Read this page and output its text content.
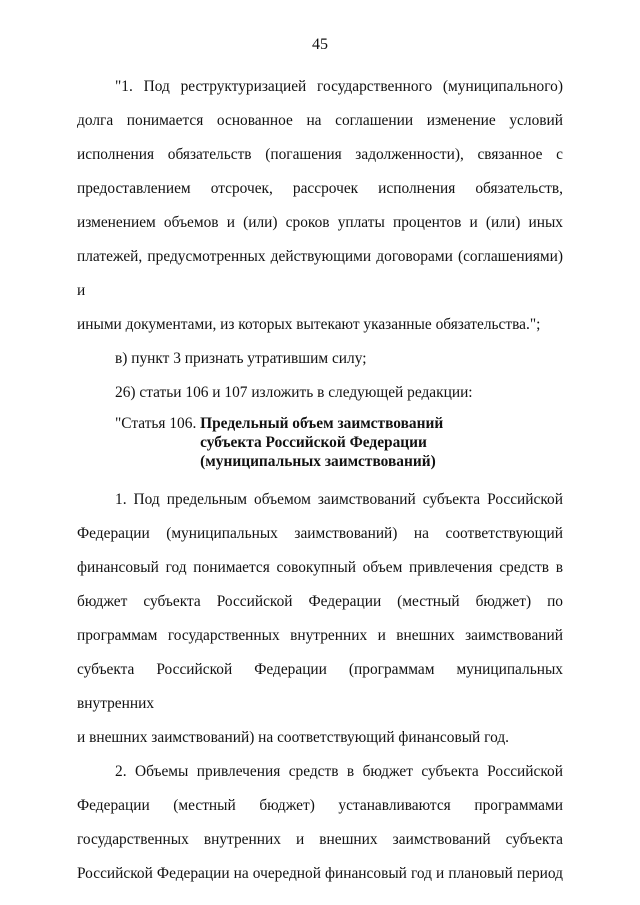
45

"1. Под реструктуризацией государственного (муниципального)

долга понимается основанное на соглашении изменение условий

исполнения обязательств (погашения задолженности), связанное с

предоставлением отсрочек, рассрочек исполнения обязательств,

изменением объемов и (или) сроков уплаты процентов и (или) иных

платежей, предусмотренных действующими договорами (соглашениями) и

иными документами, из которых вытекают указанные обязательства.";

в) пункт 3 признать утратившим силу;

26) статьи 106 и 107 изложить в следующей редакции:

"Статья 106. Предельный объем заимствований субъекта Российской Федерации (муниципальных заимствований)

1. Под предельным объемом заимствований субъекта Российской

Федерации (муниципальных заимствований) на соответствующий

финансовый год понимается совокупный объем привлечения средств в

бюджет субъекта Российской Федерации (местный бюджет) по

программам государственных внутренних и внешних заимствований

субъекта Российской Федерации (программам муниципальных внутренних

и внешних заимствований) на соответствующий финансовый год.

2. Объемы привлечения средств в бюджет субъекта Российской

Федерации (местный бюджет) устанавливаются программами

государственных внутренних и внешних заимствований субъекта

Российской Федерации на очередной финансовый год и плановый период
